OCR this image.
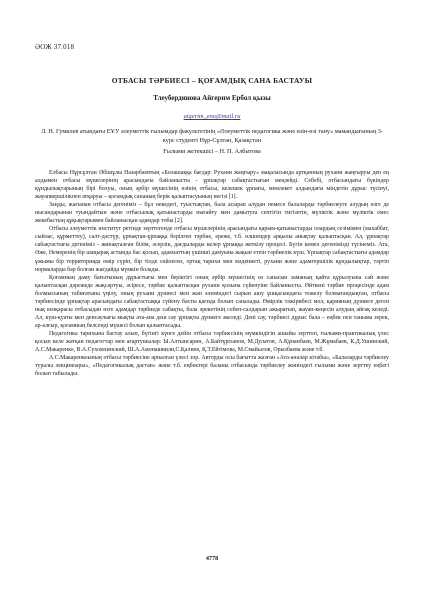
ӘОЖ 37.018
ОТБАСЫ ТӘРБИЕСІ – ҚОҒАМДЫҚ САНА БАСТАУЫ
Тлеубердинова Айгерим Ербол қызы
aigerim_enu@mail.ru
Л. Н. Гумилев атындағы ЕҰУ әлеуметтік ғылымдар факультетінің «Әлеуметтік педагогика және өзін-өзі тану» мамандығының 3- курс студенті Нұр-Сұлтан, Қазақстан
Ғылыми жетекшісі – Н. П. Албытова

Елбасы Нұрсұлтан Әбішұлы Назарбаевтың «Болашаққа бағдар: Рухани жаңғыру» мақаласында артқанның рухани жаңғыруы деп ең алдымен отбасы мүшелерінің арасындағы байланысты - ұрпақтар сабақтастығын меңзейді. Себебі, отбасындағы бүкіндер құндылықтарының бірі болуы, оның әрбір мүшесінің өзінің отбасы, келешек ұрпағы, мемлекет алдындағы міндетін дұрыс түсінуі, жауапкершілікпен атқаруы – қоғамдық сананың берік қалыптасуының негізі [1].

Заңды, жағынан отбасы дегеніміз – бұл некедегі, туыстықтан, бала асырап алудан немесе балаларды тәрбиелеуге алудың өзге де нысандарынан туындайтын және отбасылық қатынастарды нығайту мен дамытуға септігін тигізетін, мүліктік және мүліктік емес жекебастың құқықтарымен байланысқан адамдар тобы [2].

Отбасы әлеуметтік институт ретінде зерттегенде отбасы мүшелерінің арасындағы қарым-қатынастарды олардың сезімімен (махаббат, сыйлас, құрметтеу), салт-дәстүр, ұрпақтан-ұрпаққа берілген тәрбие, ереже, т.б. өлшемдер арқылы анықтау қалыптасқан. Ал, ұрпақтар сабақтастығы дегеніміз - жинақталған білім, әсерлік, дағдыларды келер ұрпаққа жеткізу процесі. Бүгін кемел дегенімізді түсінеміз. Ата, Әже, Немеренің бір шаңырақ астында бас қосып, адамзаттың үшінші дамуына жақын етеін тәрбиелік күш. Ұрпақтар сабақтастығы адамдар ұжымы бір территорияда өмір сүріп, бір тілде сөйлеген, ортақ тарихи мен мәдениеті, рухани және адамгершілік құндылықтар, тәртіп нормаларды бар болған жағдайда мүмкін болады.

Қоғамның даму бағытының дұрыстығы мен беріктігі оның әрбір мүшесінің өз санасын заманың қайта құрылуына сай және қалыптасқан дәрежеде жақсартуы, әсіресе, тәрбие қалыптасқан рухани қолына сүйенуіне байланысты. Өйткені тәрбие процесінде адам болмысының табиғатына үңілу, оның рухани дүниесі мен жан әлеміндегі сырын ашу ұшқасындағы тежелу болмағандықтан, отбасы тәрбиесінде ұрпақтар арасындағы сабақтастыққа сүйену басты қағида болып саналады. Өмірлік тәжірибесі мол, қарияның дүниеге деген нық көзқарасы отбасыдан өзге адамдар тәрбиеде сабақты, бала әрекетінің себеп-салдарын ажыратып, жауап-кеңесін алудың айғақ келеді. Ал, күш-қуаты мен денсаулығы мықты ата-ана деш сау ұрпақты дүниеге әкеледі. Дені сау, тәрбиесі дұрыс бала – еңбек пен таныма зерек, ар-алғыр, қоғамның белсенді мүшесі болып қалыптасады.

Педагогика тарихына бастау алып, бүгінгі күнге дейін отбасы тәрбиесінің мүмкіндігін ашыйы зерттеп, ғылыми-практикалық үлес қосып келе жатқан педагогтар мен ағартушылар: Ы.Алтынсарин, А.Байтұрсынов, М.Дулатов, А.Құнанбаев, М.Жұмабаев, К.Д.Ушинский, А.С.Макаренко, В.А.Сухомлинский, Ш.А.Амонашвили,С.Қалиев, Қ.Т.Ейтімова, М.Смайылов, Орызбаева және т.б.

А.С.Макаренкоының отбасы тәрбиесіне арналған үлесі зор. Авторды осы бағытта жазған «Ата-аналар кітабы», «Балаларды тәрбиелеу туралы лекциялары», «Педагогикалық дастан» және т.б. еңбектері баланы отбасында тәрбиелеу жөніндегі ғылыми және зерттеу еңбегі болып табылады.

4778
